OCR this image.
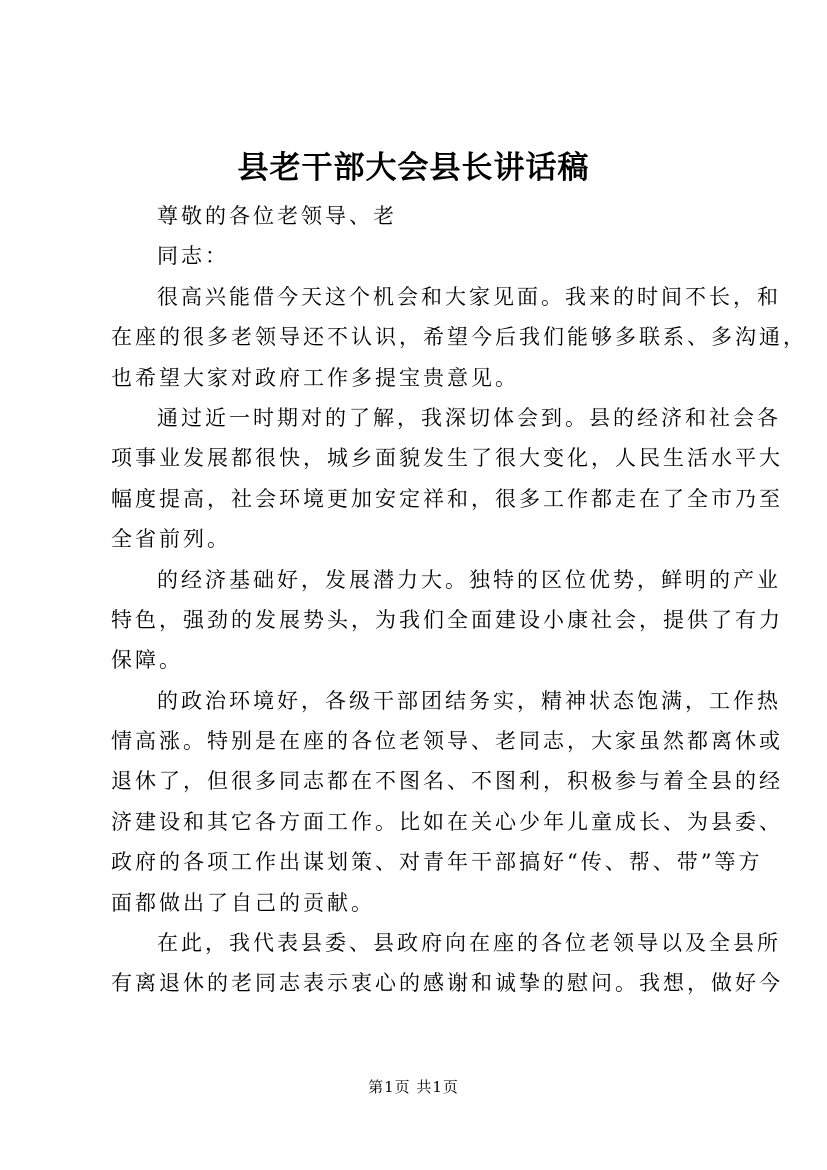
县老干部大会县长讲话稿
尊敬的各位老领导、老
同志：
很高兴能借今天这个机会和大家见面。我来的时间不长，和
在座的很多老领导还不认识，希望今后我们能够多联系、多沟通，
也希望大家对政府工作多提宝贵意见。
通过近一时期对的了解，我深切体会到。县的经济和社会各
项事业发展都很快，城乡面貌发生了很大变化，人民生活水平大
幅度提高，社会环境更加安定祥和，很多工作都走在了全市乃至
全省前列。
的经济基础好，发展潜力大。独特的区位优势，鲜明的产业
特色，强劲的发展势头，为我们全面建设小康社会，提供了有力
保障。
的政治环境好，各级干部团结务实，精神状态饱满，工作热
情高涨。特别是在座的各位老领导、老同志，大家虽然都离休或
退休了，但很多同志都在不图名、不图利，积极参与着全县的经
济建设和其它各方面工作。比如在关心少年儿童成长、为县委、
政府的各项工作出谋划策、对青年干部搞好“传、帮、带”等方
面都做出了自己的贡献。
在此，我代表县委、县政府向在座的各位老领导以及全县所
有离退休的老同志表示衷心的感谢和诚挚的慰问。我想，做好今
第1页 共1页
